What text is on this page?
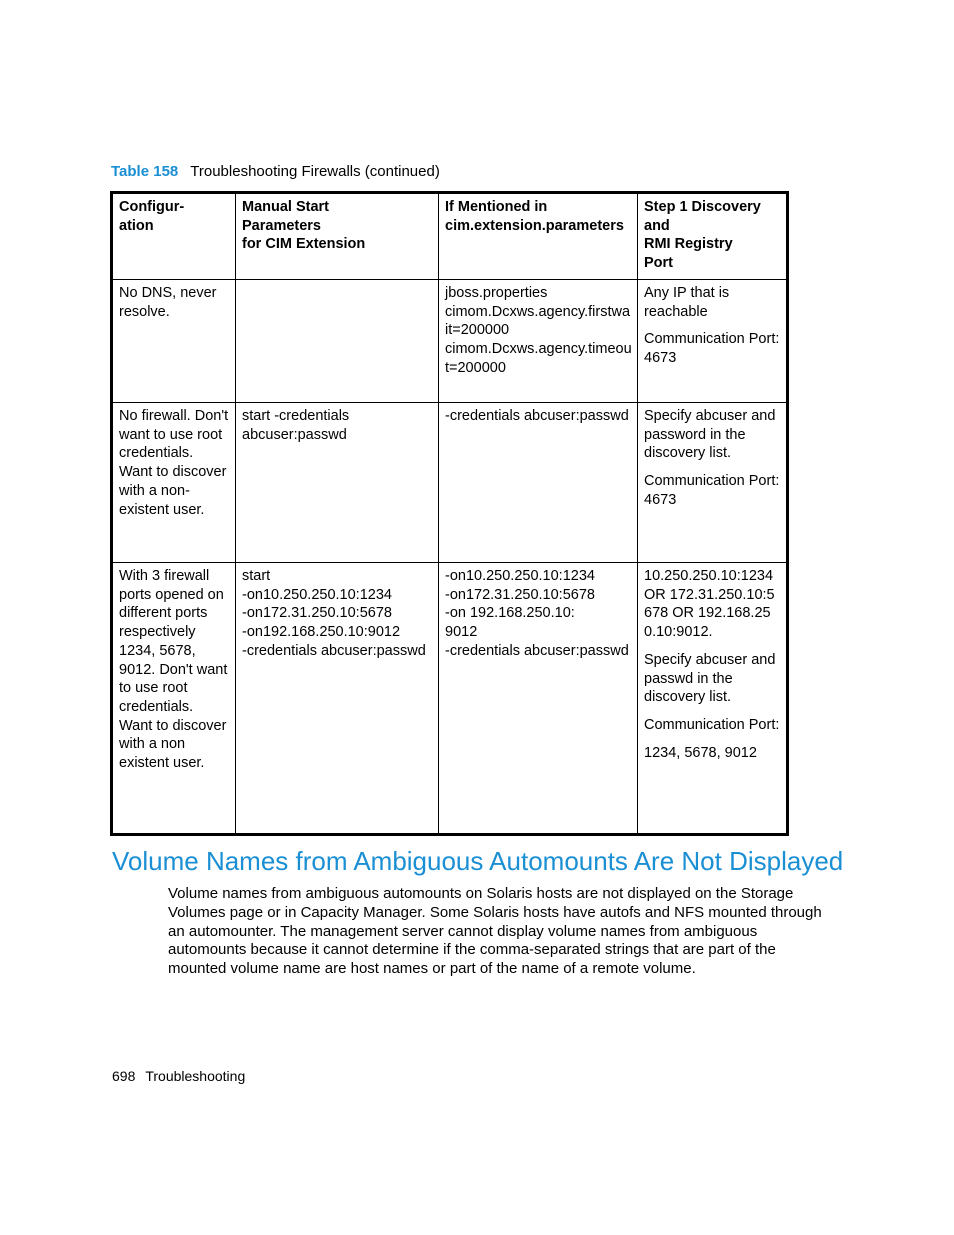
Table 158 Troubleshooting Firewalls (continued)
Configur-
ation	Manual Start
Parameters
for CIM Extension	If Mentioned in
cim.extension.parameters	Step 1 Discovery
and
RMI Registry
Port
No DNS, never resolve.		jboss.properties
cimom.Dcxws.agency.firstwait=200000
cimom.Dcxws.agency.timeout=200000	Any IP that is reachable
Communication Port: 4673
No firewall. Don't want to use root credentials. Want to discover with a non-existent user.	start -credentials abcuser:passwd	-credentials abcuser:passwd	Specify abcuser and password in the discovery list.
Communication Port: 4673
With 3 firewall ports opened on different ports respectively 1234, 5678, 9012. Don't want to use root credentials. Want to discover with a non existent user.	start
-on10.250.250.10:1234
-on172.31.250.10:5678
-on192.168.250.10:9012
-credentials abcuser:passwd	-on10.250.250.10:1234
-on172.31.250.10:5678
-on 192.168.250.10:
9012
-credentials abcuser:passwd	10.250.250.10:1234 OR 172.31.250.10:5678 OR 192.168.250.10:9012.
Specify abcuser and passwd in the discovery list.
Communication Port:
1234, 5678, 9012
Volume Names from Ambiguous Automounts Are Not Displayed

Volume names from ambiguous automounts on Solaris hosts are not displayed on the Storage Volumes page or in Capacity Manager. Some Solaris hosts have autofs and NFS mounted through an automounter. The management server cannot display volume names from ambiguous automounts because it cannot determine if the comma-separated strings that are part of the mounted volume name are host names or part of the name of a remote volume.

698 Troubleshooting
